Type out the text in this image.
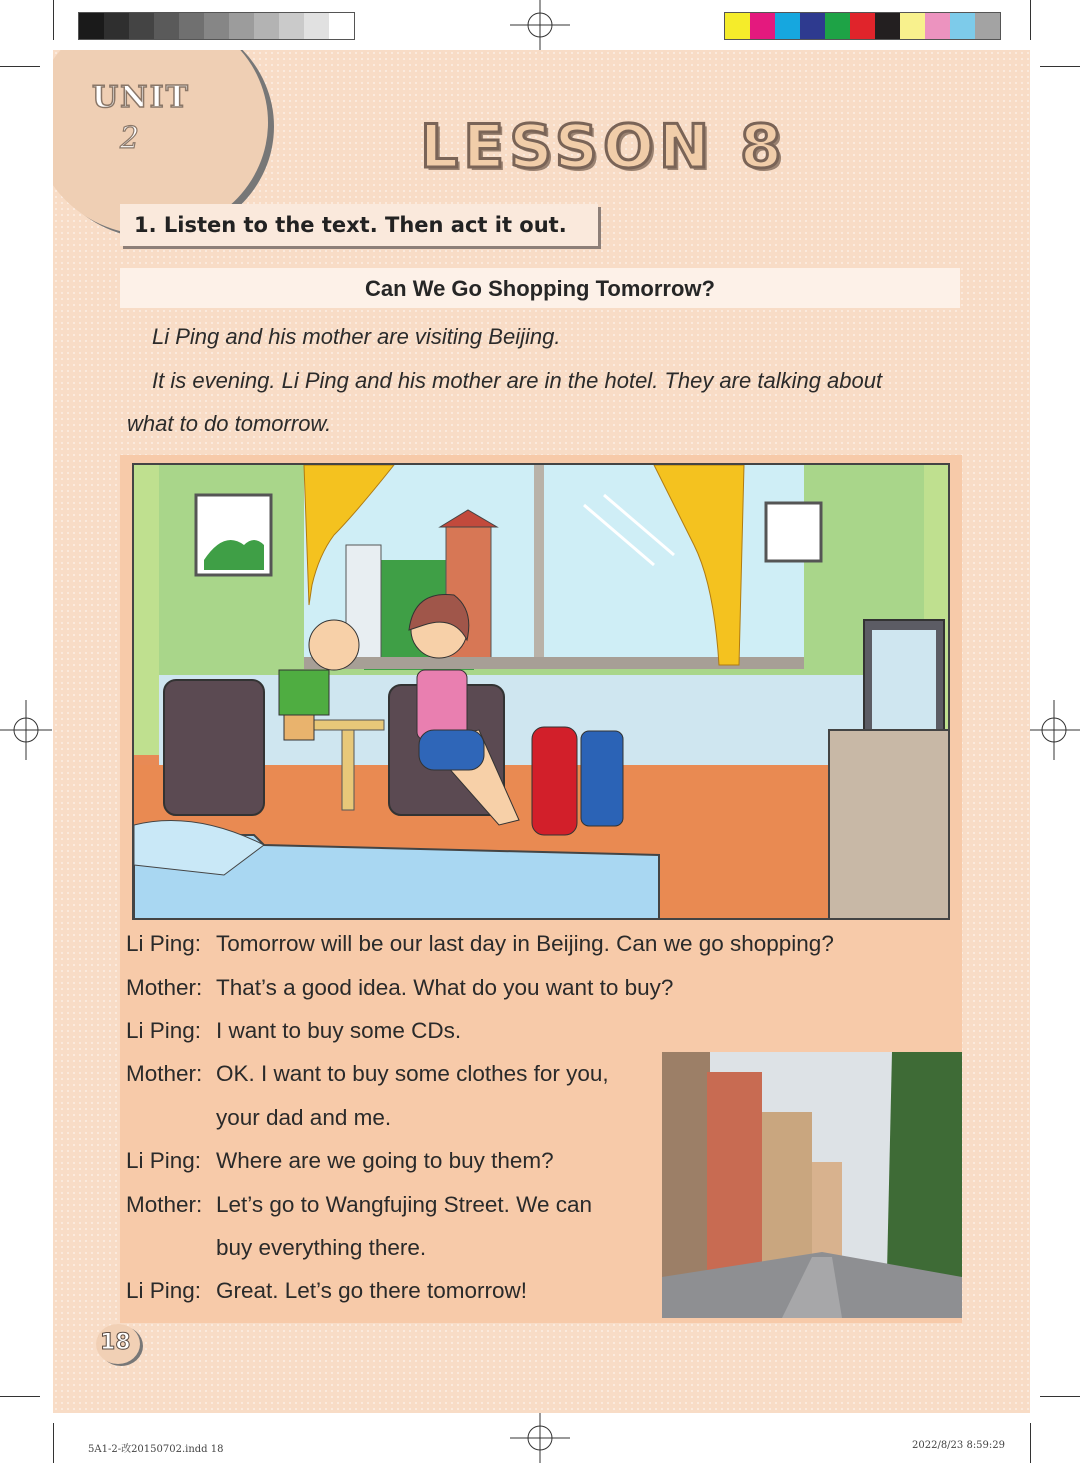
UNIT
2	LESSON 8
1. Listen to the text. Then act it out.
Can We Go Shopping Tomorrow?
Li Ping and his mother are visiting Beijing.
It is evening. Li Ping and his mother are in the hotel. They are talking about
what to do tomorrow.
Li Ping: Tomorrow will be our last day in Beijing. Can we go shopping?
Mother: That’s a good idea. What do you want to buy?
Li Ping: I want to buy some CDs.
Mother: OK. I want to buy some clothes for you,
your dad and me.
Li Ping: Where are we going to buy them?
Mother: Let’s go to Wangfujing Street. We can
buy everything there.
Li Ping: Great. Let’s go there tomorrow!
18
5A1-2-改20150702.indd 18	2022/8/23 8:59:29
